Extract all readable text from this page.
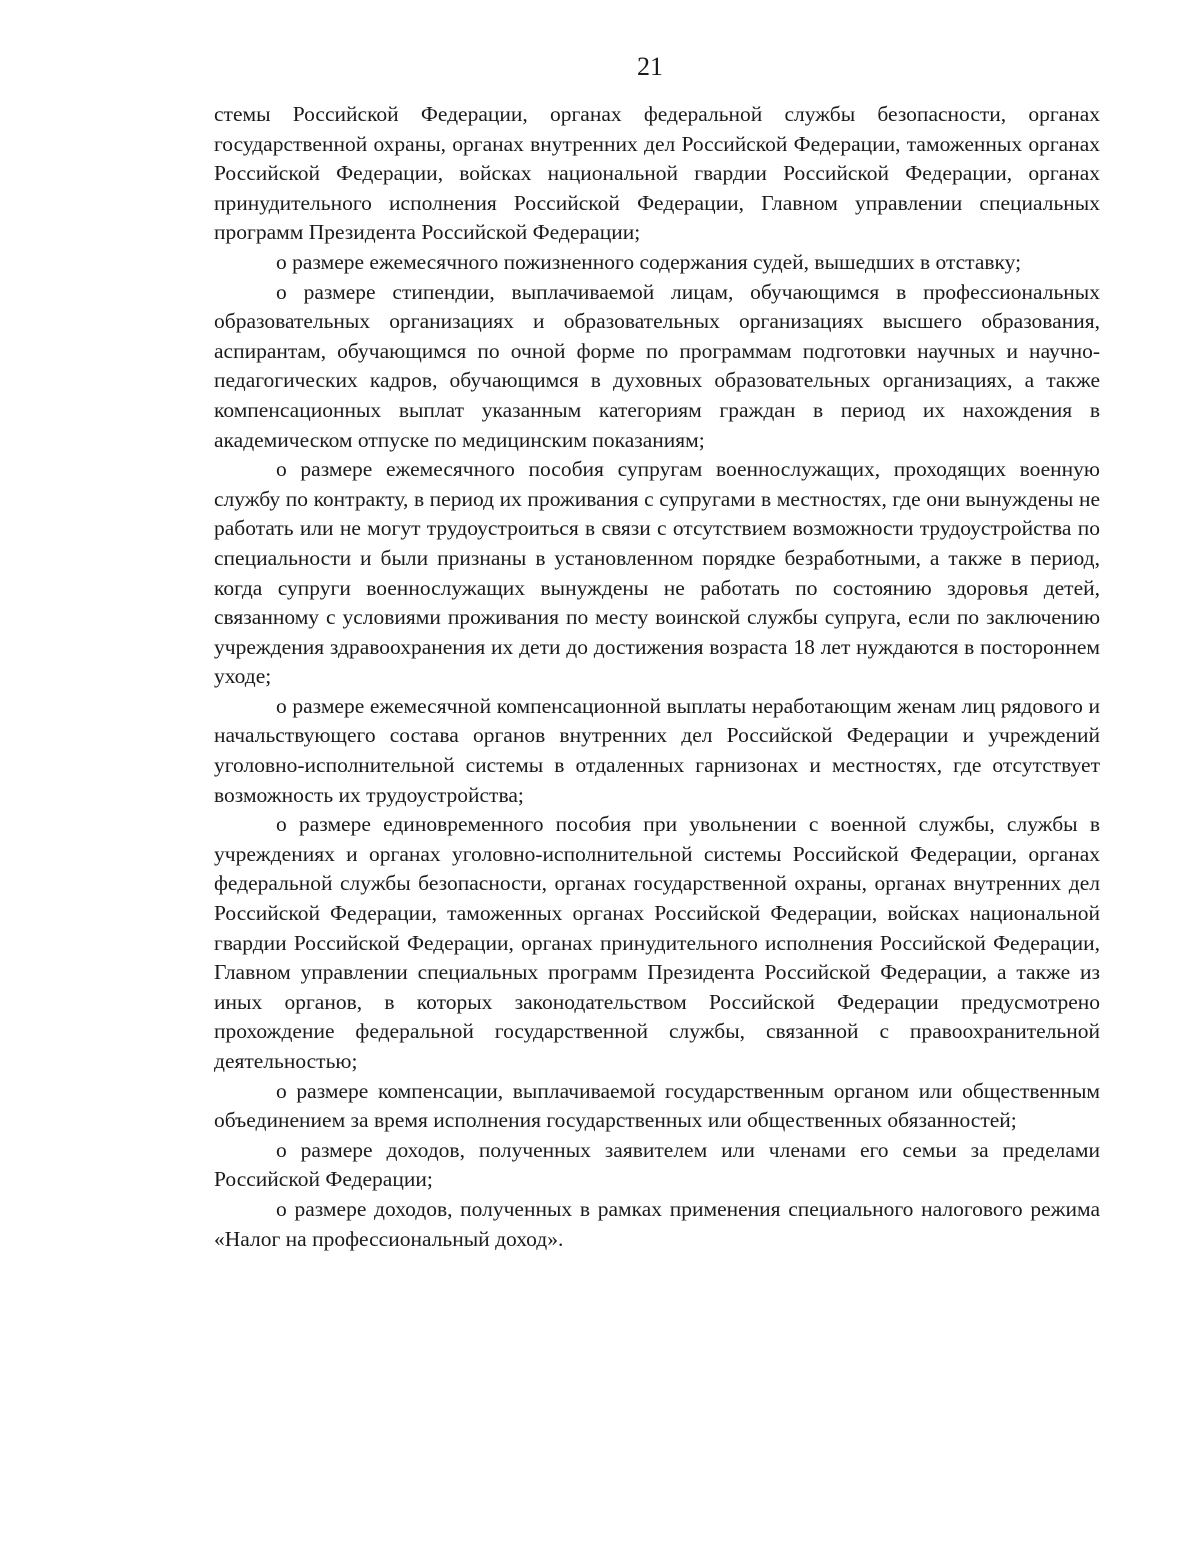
21

стемы Российской Федерации, органах федеральной службы безопасности, органах государственной охраны, органах внутренних дел Российской Федерации, таможенных органах Российской Федерации, войсках национальной гвардии Российской Федерации, органах принудительного исполнения Российской Федерации, Главном управлении специальных программ Президента Российской Федерации;

о размере ежемесячного пожизненного содержания судей, вышедших в отставку;

о размере стипендии, выплачиваемой лицам, обучающимся в профессиональных образовательных организациях и образовательных организациях высшего образования, аспирантам, обучающимся по очной форме по программам подготовки научных и научно-педагогических кадров, обучающимся в духовных образовательных организациях, а также компенсационных выплат указанным категориям граждан в период их нахождения в академическом отпуске по медицинским показаниям;

о размере ежемесячного пособия супругам военнослужащих, проходящих военную службу по контракту, в период их проживания с супругами в местностях, где они вынуждены не работать или не могут трудоустроиться в связи с отсутствием возможности трудоустройства по специальности и были признаны в установленном порядке безработными, а также в период, когда супруги военнослужащих вынуждены не работать по состоянию здоровья детей, связанному с условиями проживания по месту воинской службы супруга, если по заключению учреждения здравоохранения их дети до достижения возраста 18 лет нуждаются в постороннем уходе;

о размере ежемесячной компенсационной выплаты неработающим женам лиц рядового и начальствующего состава органов внутренних дел Российской Федерации и учреждений уголовно-исполнительной системы в отдаленных гарнизонах и местностях, где отсутствует возможность их трудоустройства;

о размере единовременного пособия при увольнении с военной службы, службы в учреждениях и органах уголовно-исполнительной системы Российской Федерации, органах федеральной службы безопасности, органах государственной охраны, органах внутренних дел Российской Федерации, таможенных органах Российской Федерации, войсках национальной гвардии Российской Федерации, органах принудительного исполнения Российской Федерации, Главном управлении специальных программ Президента Российской Федерации, а также из иных органов, в которых законодательством Российской Федерации предусмотрено прохождение федеральной государственной службы, связанной с правоохранительной деятельностью;

о размере компенсации, выплачиваемой государственным органом или общественным объединением за время исполнения государственных или общественных обязанностей;

о размере доходов, полученных заявителем или членами его семьи за пределами Российской Федерации;

о размере доходов, полученных в рамках применения специального налогового режима «Налог на профессиональный доход».
